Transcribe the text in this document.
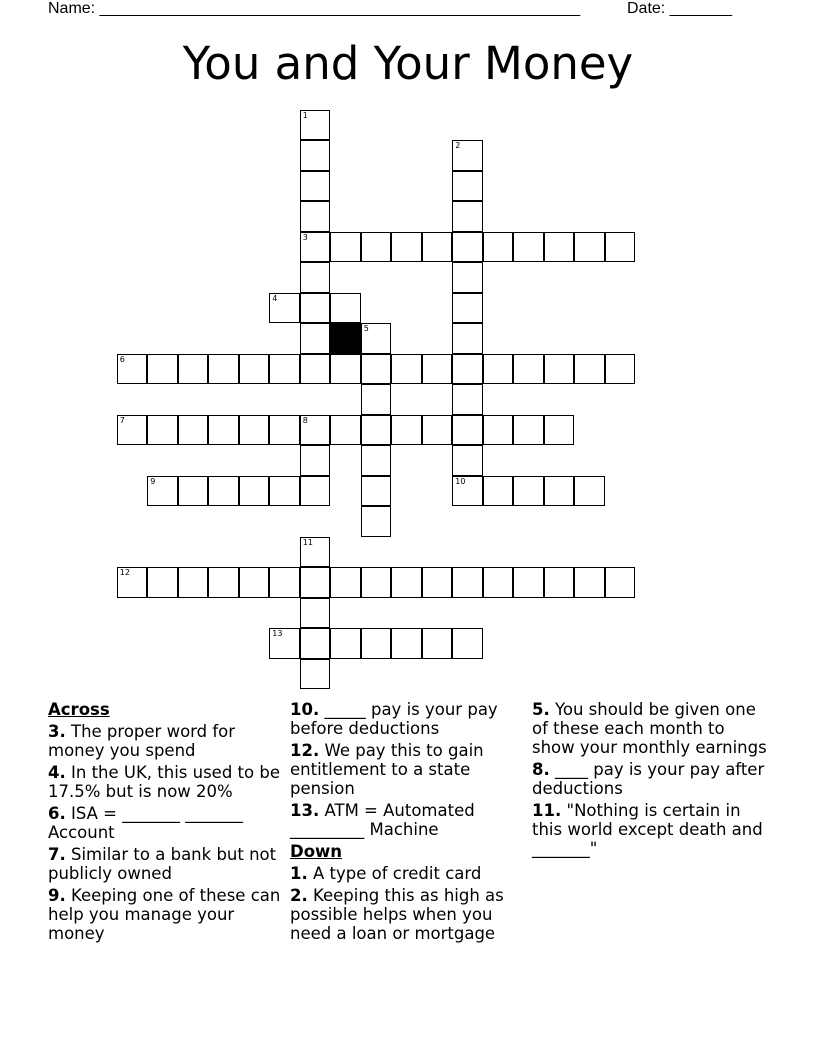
Name: ______________________________________________________	Date: _______
You and Your Money
1
2
3
4
5
6
7	8
9	10
11
12
13
Across
3. The proper word for money you spend
4. In the UK, this used to be 17.5% but is now 20%
6. ISA = _______ _______ Account
7. Similar to a bank but not publicly owned
9. Keeping one of these can help you manage your money
10. _____ pay is your pay before deductions
12. We pay this to gain entitlement to a state pension
13. ATM = Automated _________ Machine
Down
1. A type of credit card
2. Keeping this as high as possible helps when you need a loan or mortgage
5. You should be given one of these each month to show your monthly earnings
8. ____ pay is your pay after deductions
11. "Nothing is certain in this world except death and _______"
